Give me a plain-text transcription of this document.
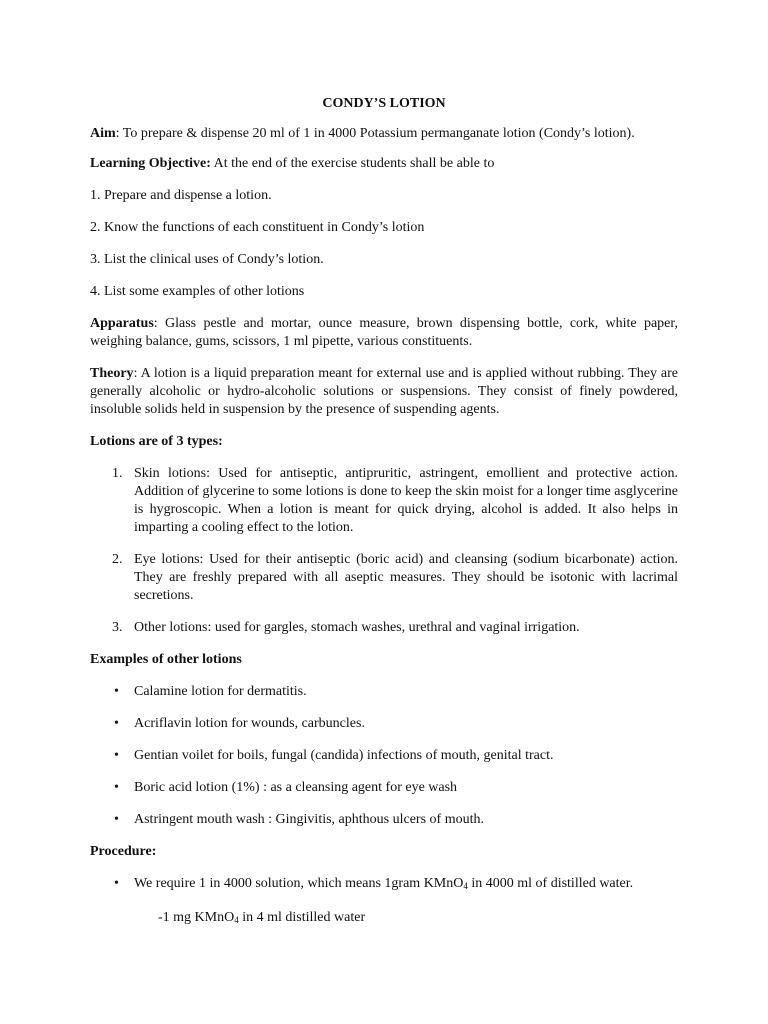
CONDY’S LOTION

Aim: To prepare & dispense 20 ml of 1 in 4000 Potassium permanganate lotion (Condy’s lotion).

Learning Objective: At the end of the exercise students shall be able to

1. Prepare and dispense a lotion.

2. Know the functions of each constituent in Condy’s lotion

3. List the clinical uses of Condy’s lotion.

4. List some examples of other lotions

Apparatus: Glass pestle and mortar, ounce measure, brown dispensing bottle, cork, white paper, weighing balance, gums, scissors, 1 ml pipette, various constituents.

Theory: A lotion is a liquid preparation meant for external use and is applied without rubbing. They are generally alcoholic or hydro-alcoholic solutions or suspensions. They consist of finely powdered, insoluble solids held in suspension by the presence of suspending agents.

Lotions are of 3 types:

1. Skin lotions: Used for antiseptic, antipruritic, astringent, emollient and protective action. Addition of glycerine to some lotions is done to keep the skin moist for a longer time asglycerine is hygroscopic. When a lotion is meant for quick drying, alcohol is added. It also helps in imparting a cooling effect to the lotion.
2. Eye lotions: Used for their antiseptic (boric acid) and cleansing (sodium bicarbonate) action. They are freshly prepared with all aseptic measures. They should be isotonic with lacrimal secretions.
3. Other lotions: used for gargles, stomach washes, urethral and vaginal irrigation.

Examples of other lotions

• Calamine lotion for dermatitis.
• Acriflavin lotion for wounds, carbuncles.
• Gentian voilet for boils, fungal (candida) infections of mouth, genital tract.
• Boric acid lotion (1%) : as a cleansing agent for eye wash
• Astringent mouth wash : Gingivitis, aphthous ulcers of mouth.

Procedure:

• We require 1 in 4000 solution, which means 1gram KMnO$_4$ in 4000 ml of distilled water.
-1 mg KMnO$_4$ in 4 ml distilled water
